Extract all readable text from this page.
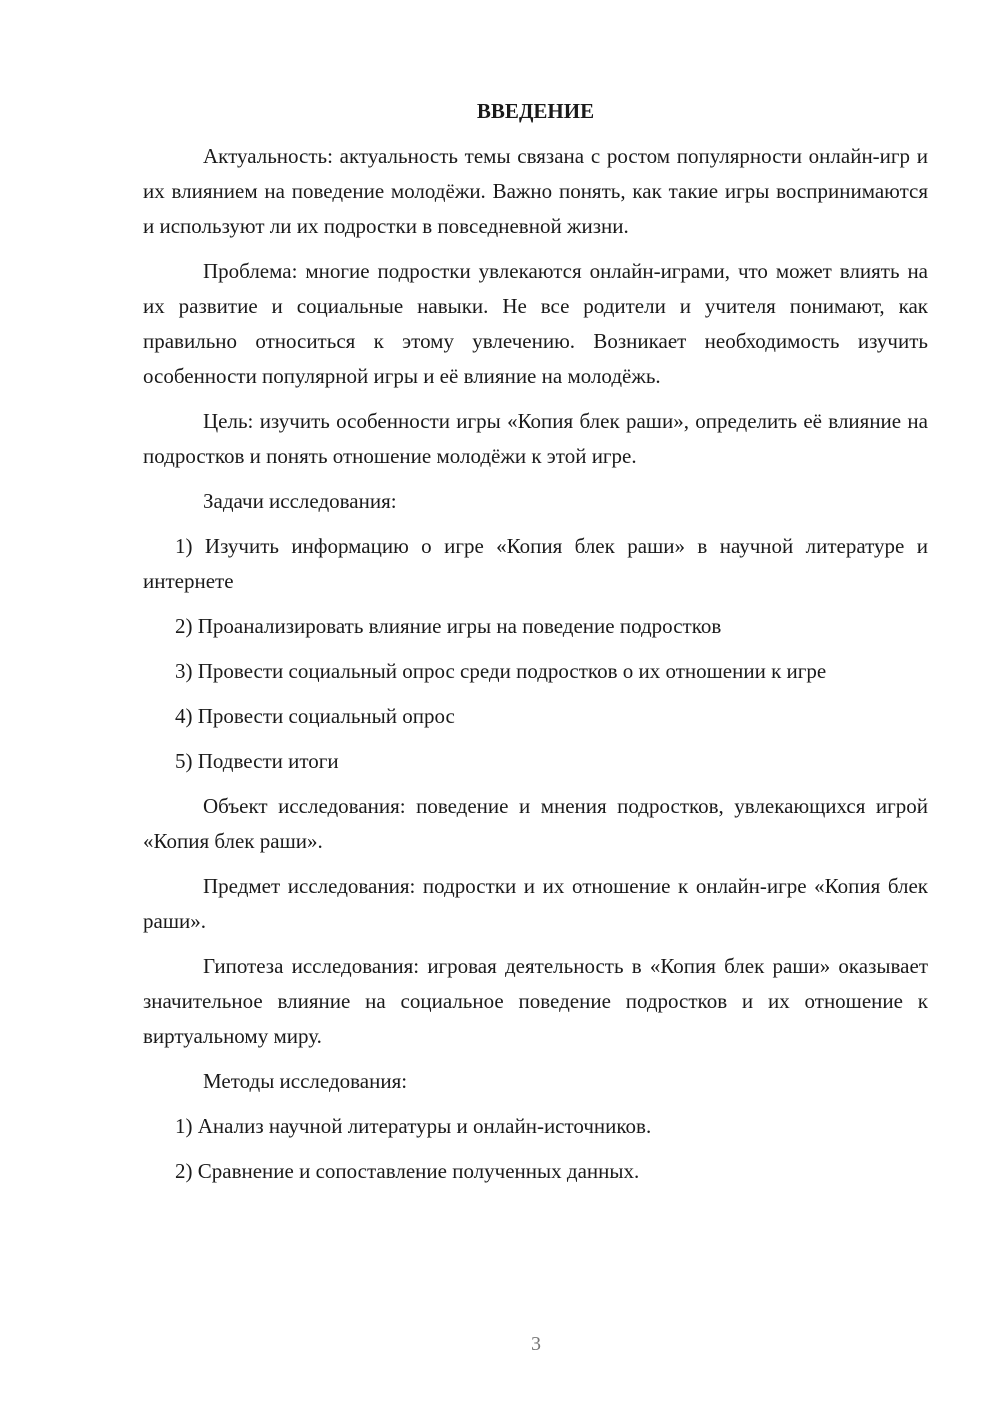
ВВЕДЕНИЕ

Актуальность: актуальность темы связана с ростом популярности онлайн-игр и их влиянием на поведение молодёжи. Важно понять, как такие игры воспринимаются и используют ли их подростки в повседневной жизни.

Проблема: многие подростки увлекаются онлайн-играми, что может влиять на их развитие и социальные навыки. Не все родители и учителя понимают, как правильно относиться к этому увлечению. Возникает необходимость изучить особенности популярной игры и её влияние на молодёжь.

Цель: изучить особенности игры «Копия блек раши», определить её влияние на подростков и понять отношение молодёжи к этой игре.

Задачи исследования:

1) Изучить информацию о игре «Копия блек раши» в научной литературе и интернете

2) Проанализировать влияние игры на поведение подростков

3) Провести социальный опрос среди подростков о их отношении к игре

4) Провести социальный опрос

5) Подвести итоги

Объект исследования: поведение и мнения подростков, увлекающихся игрой «Копия блек раши».

Предмет исследования: подростки и их отношение к онлайн-игре «Копия блек раши».

Гипотеза исследования: игровая деятельность в «Копия блек раши» оказывает значительное влияние на социальное поведение подростков и их отношение к виртуальному миру.

Методы исследования:

1) Анализ научной литературы и онлайн-источников.

2) Сравнение и сопоставление полученных данных.

3
